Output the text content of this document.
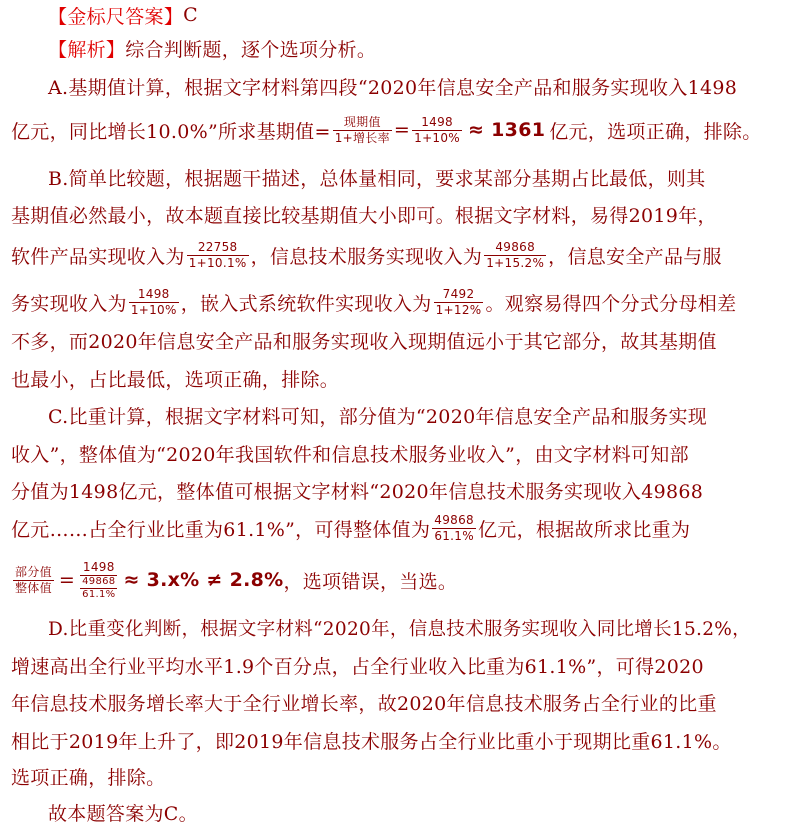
【 金标尺答案 】 C
【 解析 】 综合判断题，逐个选项分析。
A.基期值计算，根据文字材料第四段“2020年信息安全产品和服务实现收入1498
亿元，同比增长10.0%”所求基期值= $\frac{\text{现期值}}{\text{1+增长率}} = \frac{1498}{1+10\%} \approx 1361$ 亿元，选项正确，排除。
B.简单比较题，根据题干描述，总体量相同，要求某部分基期占比最低，则其
基期值必然最小，故本题直接比较基期值大小即可。根据文字材料，易得2019年，
软件产品实现收入为 $\frac{22758}{1+10.1\%}$ ，信息技术服务实现收入为 $\frac{49868}{1+15.2\%}$ ，信息安全产品与服
务实现收入为 $\frac{1498}{1+10\%}$ ，嵌入式系统软件实现收入为 $\frac{7492}{1+12\%}$ 。观察易得四个分式分母相差
不多，而2020年信息安全产品和服务实现收入现期值远小于其它部分，故其基期值
也最小，占比最低，选项正确，排除。
C.比重计算，根据文字材料可知，部分值为“2020年信息安全产品和服务实现
收入”，整体值为“2020年我国软件和信息技术服务业收入”，由文字材料可知部
分值为1498亿元，整体值可根据文字材料“2020年信息技术服务实现收入49868
亿元……占全行业比重为61.1%”，可得整体值为 $\frac{49868}{61.1\%}$ 亿元，根据故所求比重为
$\frac{\text{部分值}}{\text{整体值}} = \frac{1498}{\frac{49868}{61.1\%}} \approx 3.x\% \ne 2.8\%$ ，选项错误，当选。
D.比重变化判断，根据文字材料“2020年，信息技术服务实现收入同比增长15.2%，
增速高出全行业平均水平1.9个百分点，占全行业收入比重为61.1%”，可得2020
年信息技术服务增长率大于全行业增长率，故2020年信息技术服务占全行业的比重
相比于2019年上升了，即2019年信息技术服务占全行业比重小于现期比重61.1%。
选项正确，排除。
故本题答案为C。
